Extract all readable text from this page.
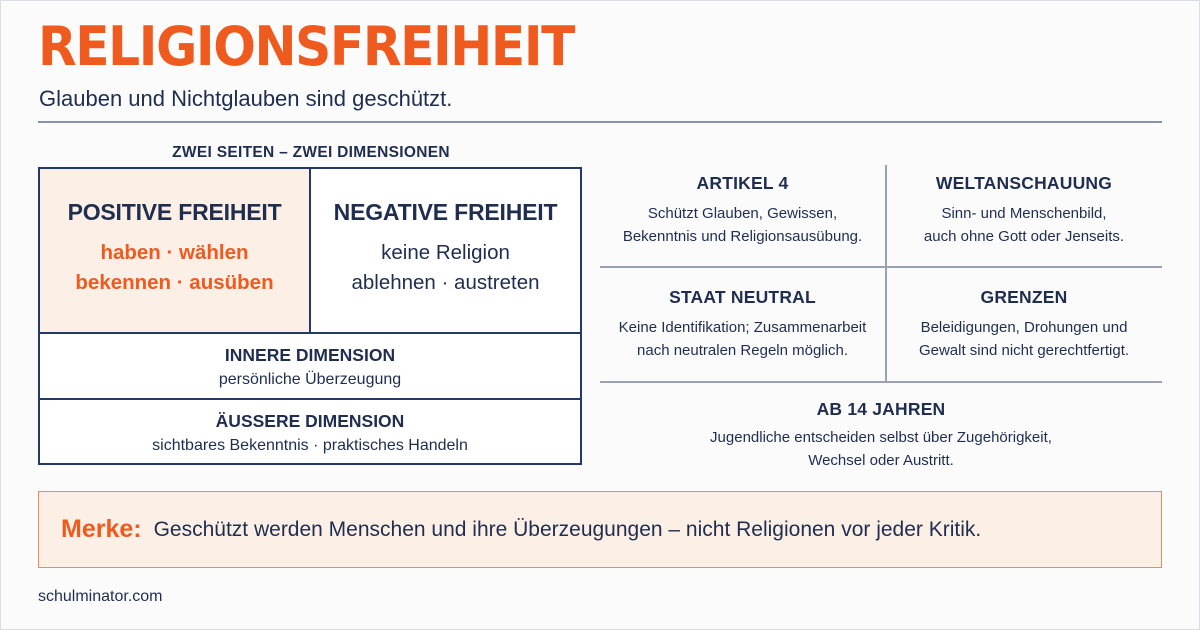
RELIGIONSFREIHEIT
Glauben und Nichtglauben sind geschützt.
ZWEI SEITEN – ZWEI DIMENSIONEN
POSITIVE FREIHEIT
haben · wählen
bekennen · ausüben
NEGATIVE FREIHEIT
keine Religion
ablehnen · austreten
INNERE DIMENSION
persönliche Überzeugung
ÄUSSERE DIMENSION
sichtbares Bekenntnis · praktisches Handeln
ARTIKEL 4
Schützt Glauben, Gewissen,
Bekenntnis und Religionsausübung.
WELTANSCHAUUNG
Sinn- und Menschenbild,
auch ohne Gott oder Jenseits.
STAAT NEUTRAL
Keine Identifikation; Zusammenarbeit
nach neutralen Regeln möglich.
GRENZEN
Beleidigungen, Drohungen und
Gewalt sind nicht gerechtfertigt.
AB 14 JAHREN
Jugendliche entscheiden selbst über Zugehörigkeit,
Wechsel oder Austritt.
Merke: Geschützt werden Menschen und ihre Überzeugungen – nicht Religionen vor jeder Kritik.
schulminator.com
